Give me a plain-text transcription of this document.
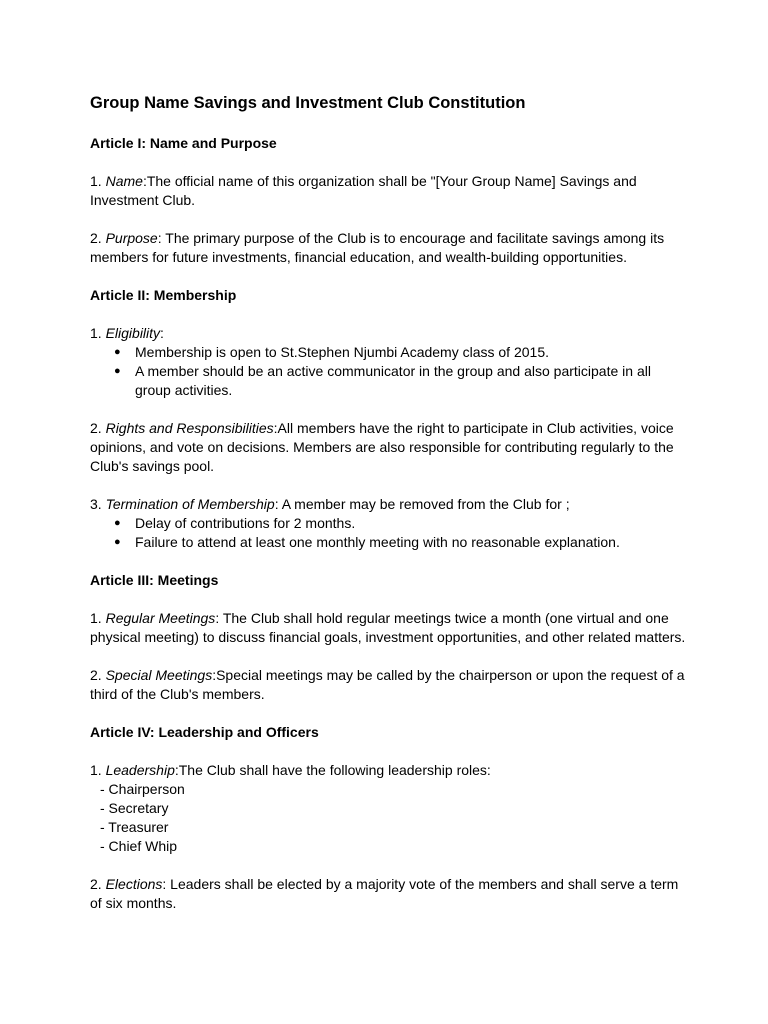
Group Name Savings and Investment Club Constitution
Article I: Name and Purpose
1. Name:The official name of this organization shall be "[Your Group Name] Savings and Investment Club.
2. Purpose: The primary purpose of the Club is to encourage and facilitate savings among its members for future investments, financial education, and wealth-building opportunities.
Article II: Membership
1. Eligibility:
● Membership is open to St.Stephen Njumbi Academy class of 2015.
● A member should be an active communicator in the group and also participate in all group activities.
2. Rights and Responsibilities:All members have the right to participate in Club activities, voice opinions, and vote on decisions. Members are also responsible for contributing regularly to the Club's savings pool.
3. Termination of Membership: A member may be removed from the Club for ;
● Delay of contributions for 2 months.
● Failure to attend at least one monthly meeting with no reasonable explanation.
Article III: Meetings
1. Regular Meetings: The Club shall hold regular meetings twice a month (one virtual and one physical meeting) to discuss financial goals, investment opportunities, and other related matters.
2. Special Meetings:Special meetings may be called by the chairperson or upon the request of a third of the Club's members.
Article IV: Leadership and Officers
1. Leadership:The Club shall have the following leadership roles:
- Chairperson
- Secretary
- Treasurer
- Chief Whip
2. Elections: Leaders shall be elected by a majority vote of the members and shall serve a term of six months.
